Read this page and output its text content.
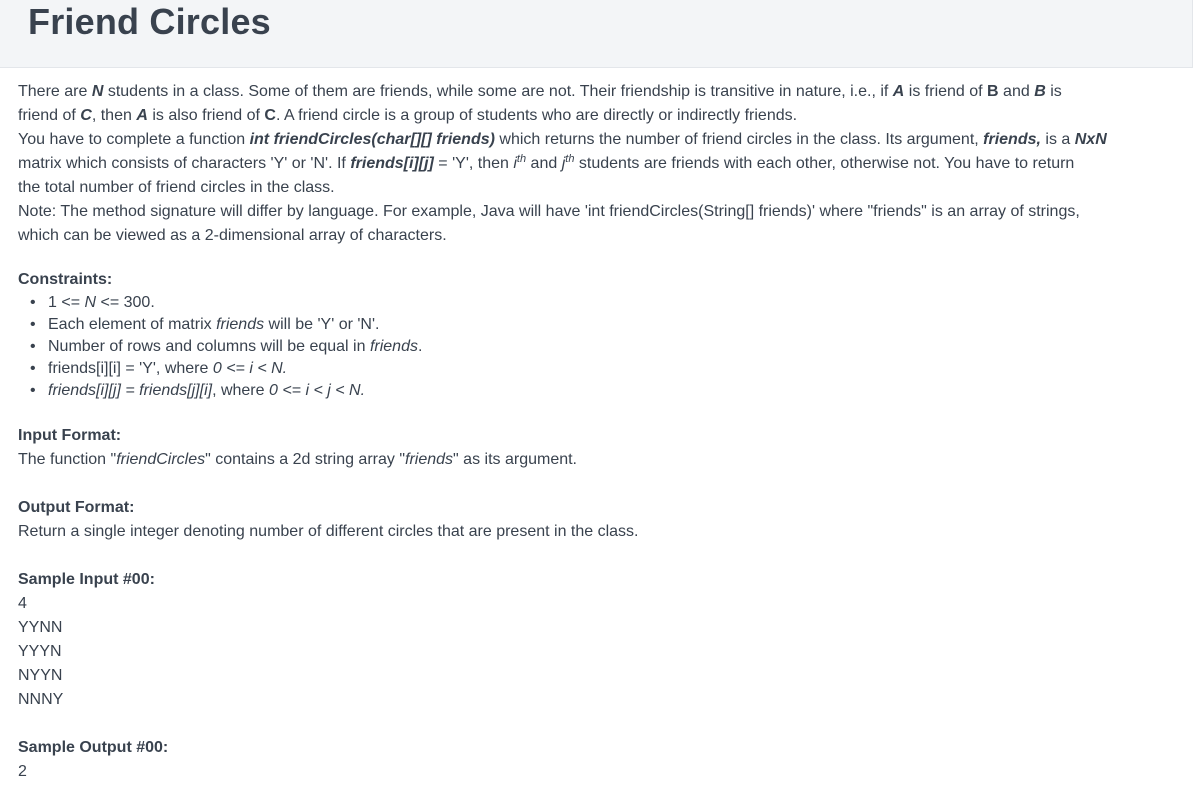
Friend Circles
There are N students in a class. Some of them are friends, while some are not. Their friendship is transitive in nature, i.e., if A is friend of B and B is
friend of C, then A is also friend of C. A friend circle is a group of students who are directly or indirectly friends.
You have to complete a function int friendCircles(char[][] friends) which returns the number of friend circles in the class. Its argument, friends, is a NxN
matrix which consists of characters 'Y' or 'N'. If friends[i][j] = 'Y', then $i^{th}$ and $j^{th}$ students are friends with each other, otherwise not. You have to return
the total number of friend circles in the class.
Note: The method signature will differ by language. For example, Java will have 'int friendCircles(String[] friends)' where "friends" is an array of strings,
which can be viewed as a 2-dimensional array of characters.
Constraints:
• 1 <= N <= 300.
• Each element of matrix friends will be 'Y' or 'N'.
• Number of rows and columns will be equal in friends.
• friends[i][i] = 'Y', where 0 <= i < N.
• friends[i][j] = friends[j][i], where 0 <= i < j < N.
Input Format:
The function "friendCircles" contains a 2d string array "friends" as its argument.
Output Format:
Return a single integer denoting number of different circles that are present in the class.
Sample Input #00:
4
YYNN
YYYN
NYYN
NNNY
Sample Output #00:
2
